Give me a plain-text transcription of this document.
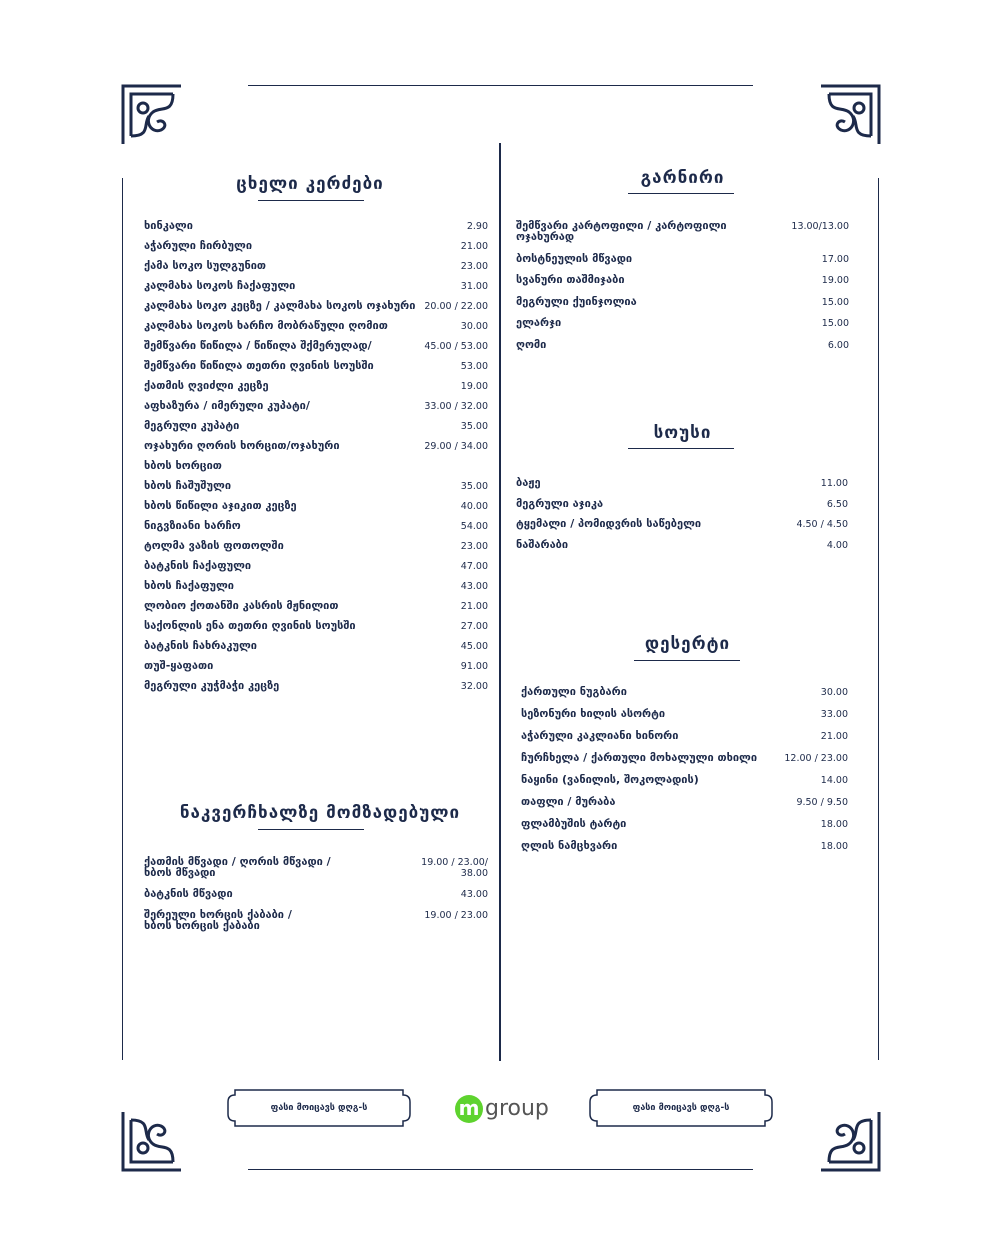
ცხელი კერძები
ხინკალი	2.90
აჭარული ჩირბული	21.00
ქამა სოკო სულგუნით	23.00
კალმახა სოკოს ჩაქაფული	31.00
კალმახა სოკო კეცზე / კალმახა სოკოს ოჯახური 20.00 / 22.00
კალმახა სოკოს ხარჩო მობრაწული ღომით	30.00
შემწვარი წიწილა / წიწილა შქმერულად/	45.00 / 53.00
შემწვარი წიწილა თეთრი ღვინის სოუსში	53.00
ქათმის ღვიძლი კეცზე	19.00
აფხაზურა / იმერული კუპატი/	33.00 / 32.00
მეგრული კუპატი	35.00
ოჯახური ღორის ხორცით/ოჯახური	29.00 / 34.00
ხბოს ხორცით
ხბოს ჩაშუშული	35.00
ხბოს წიწილი აჯიკით კეცზე	40.00
ნიგვზიანი ხარჩო	54.00
ტოლმა ვაზის ფოთოლში	23.00
ბატკნის ჩაქაფული	47.00
ხბოს ჩაქაფული	43.00
ლობიო ქოთანში კასრის მჟნილით	21.00
საქონლის ენა თეთრი ღვინის სოუსში	27.00
ბატკნის ჩახრაკული	45.00
თუშ-ყაფათი	91.00
მეგრული კუჭმაჭი კეცზე	32.00
ნაკვერჩხალზე მომზადებული
ქათმის მწვადი / ღორის მწვადი /
ხბოს მწვადი
19.00 / 23.00/
38.00
ბატკნის მწვადი	43.00
შერეული ხორცის ქაბაბი /
ხბოს ხორცის ქაბაბი
19.00 / 23.00
გარნირი
შემწვარი კარტოფილი / კარტოფილი
ოჯახურად
13.00/13.00
ბოსტნეულის მწვადი	17.00
სვანური თაშმიჯაბი	19.00
მეგრული ქუინჯოლია	15.00
ელარჯი	15.00
ღომი	6.00
სოუსი
ბაჟე	11.00
მეგრული აჯიკა	6.50
ტყემალი / პომიდვრის საწებელი	4.50 / 4.50
ნაშარაბი	4.00
დესერტი
ქართული ნუგბარი	30.00
სეზონური ხილის ასორტი	33.00
აჭარული კაკლიანი ხინორი	21.00
ჩურჩხელა / ქართული მოხალული თხილი	12.00 / 23.00
ნაყინი (ვანილის, შოკოლადის)	14.00
თაფლი / მურაბა	9.50 / 9.50
ფლამბუშის ტარტი	18.00
ღლის ნამცხვარი	18.00
ფასი მოიცავს დღგ-ს	m group	ფასი მოიცავს დღგ-ს
